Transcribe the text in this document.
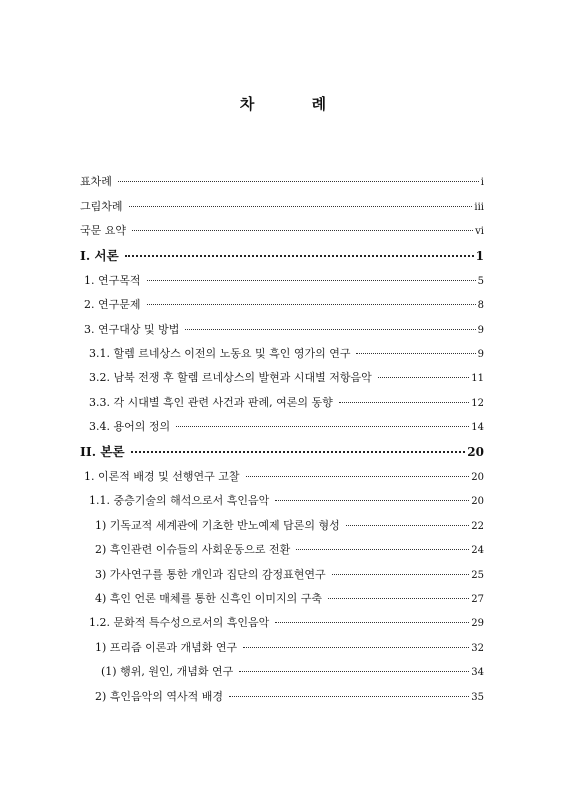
차 례
표차례	i
그림차례	iii
국문 요약	vi
I. 서론	1
1. 연구목적	5
2. 연구문제	8
3. 연구대상 및 방법	9
3.1. 할렘 르네상스 이전의 노동요 및 흑인 영가의 연구	9
3.2. 남북 전쟁 후 할렘 르네상스의 발현과 시대별 저항음악	11
3.3. 각 시대별 흑인 관련 사건과 판례, 여론의 동향	12
3.4. 용어의 정의	14
II. 본론	20
1. 이론적 배경 및 선행연구 고찰	20
1.1. 중층기술의 해석으로서 흑인음악	20
1) 기독교적 세계관에 기초한 반노예제 담론의 형성	22
2) 흑인관련 이슈들의 사회운동으로 전환	24
3) 가사연구를 통한 개인과 집단의 감정표현연구	25
4) 흑인 언론 매체를 통한 신흑인 이미지의 구축	27
1.2. 문화적 특수성으로서의 흑인음악	29
1) 프리즘 이론과 개념화 연구	32
(1) 행위, 원인, 개념화 연구	34
2) 흑인음악의 역사적 배경	35
